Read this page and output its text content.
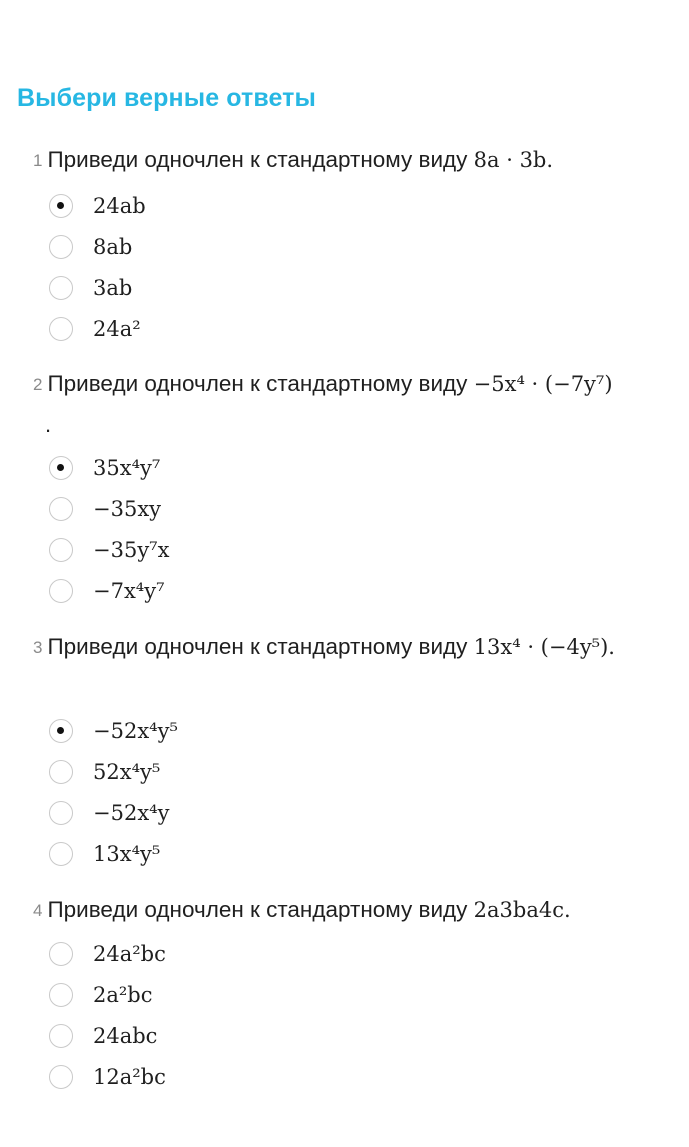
Выбери верные ответы
1 Приведи одночлен к стандартному виду 8a · 3b.
24ab
8ab
3ab
24a²
2 Приведи одночлен к стандартному виду −5x⁴ · (−7y⁷)
.
35x⁴y⁷
−35xy
−35y⁷x
−7x⁴y⁷
3 Приведи одночлен к стандартному виду 13x⁴ · (−4y⁵).
−52x⁴y⁵
52x⁴y⁵
−52x⁴y
13x⁴y⁵
4 Приведи одночлен к стандартному виду 2a3ba4c.
24a²bc
2a²bc
24abc
12a²bc
